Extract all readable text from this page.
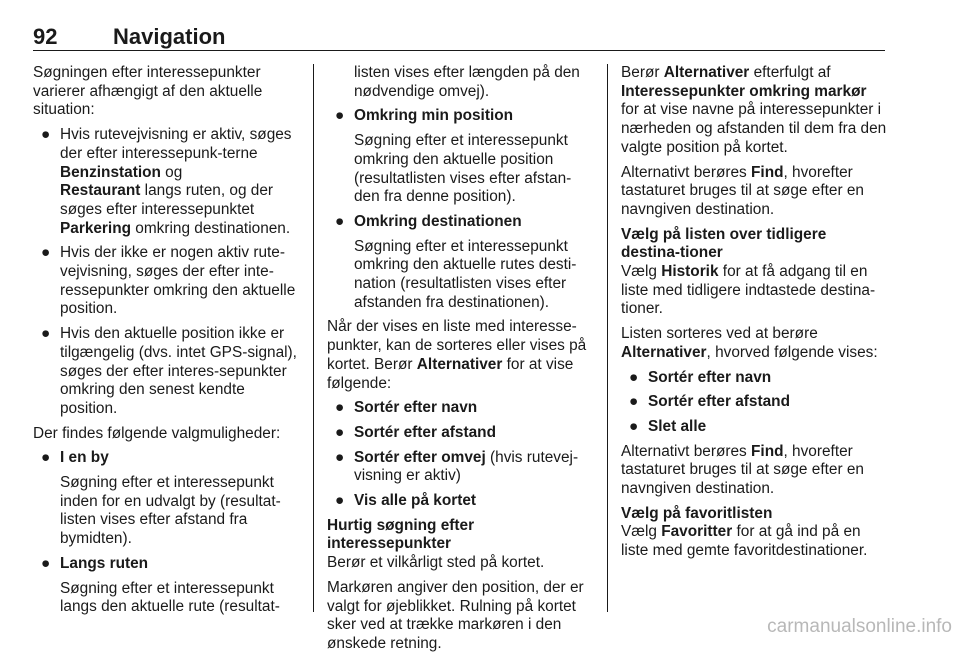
92	Navigation

Søgningen efter interessepunkter varierer afhængigt af den aktuelle situation:

● Hvis rutevejvisning er aktiv, søges der efter interessepunk-terne Benzinstation og
Restaurant langs ruten, og der søges efter interessepunktet
Parkering omkring destinationen.
● Hvis der ikke er nogen aktiv rute-vejvisning, søges der efter inte-ressepunkter omkring den aktuelle position.
● Hvis den aktuelle position ikke er tilgængelig (dvs. intet GPS-signal), søges der efter interes-sepunkter omkring den senest kendte position.

Der findes følgende valgmuligheder:

● I en by

Søgning efter et interessepunkt inden for en udvalgt by (resultat-listen vises efter afstand fra bymidten).

● Langs ruten

Søgning efter et interessepunkt langs den aktuelle rute (resultat-

listen vises efter længden på den nødvendige omvej).

● Omkring min position

Søgning efter et interessepunkt omkring den aktuelle position (resultatlisten vises efter afstan-den fra denne position).

● Omkring destinationen

Søgning efter et interessepunkt omkring den aktuelle rutes desti-nation (resultatlisten vises efter afstanden fra destinationen).

Når der vises en liste med interesse-punkter, kan de sorteres eller vises på kortet. Berør Alternativer for at vise følgende:

● Sortér efter navn
● Sortér efter afstand
● Sortér efter omvej (hvis rutevej-visning er aktiv)
● Vis alle på kortet

Hurtig søgning efter interessepunkter

Berør et vilkårligt sted på kortet.

Markøren angiver den position, der er valgt for øjeblikket. Rulning på kortet sker ved at trække markøren i den ønskede retning.

Berør Alternativer efterfulgt af Interessepunkter omkring markør for at vise navne på interessepunkter i nærheden og afstanden til dem fra den valgte position på kortet.

Alternativt berøres Find, hvorefter tastaturet bruges til at søge efter en navngiven destination.

Vælg på listen over tidligere destina-tioner

Vælg Historik for at få adgang til en liste med tidligere indtastede destina-tioner.

Listen sorteres ved at berøre Alternativer, hvorved følgende vises:

● Sortér efter navn
● Sortér efter afstand
● Slet alle

Alternativt berøres Find, hvorefter tastaturet bruges til at søge efter en navngiven destination.

Vælg på favoritlisten

Vælg Favoritter for at gå ind på en liste med gemte favoritdestinationer.

carmanualsonline.info
